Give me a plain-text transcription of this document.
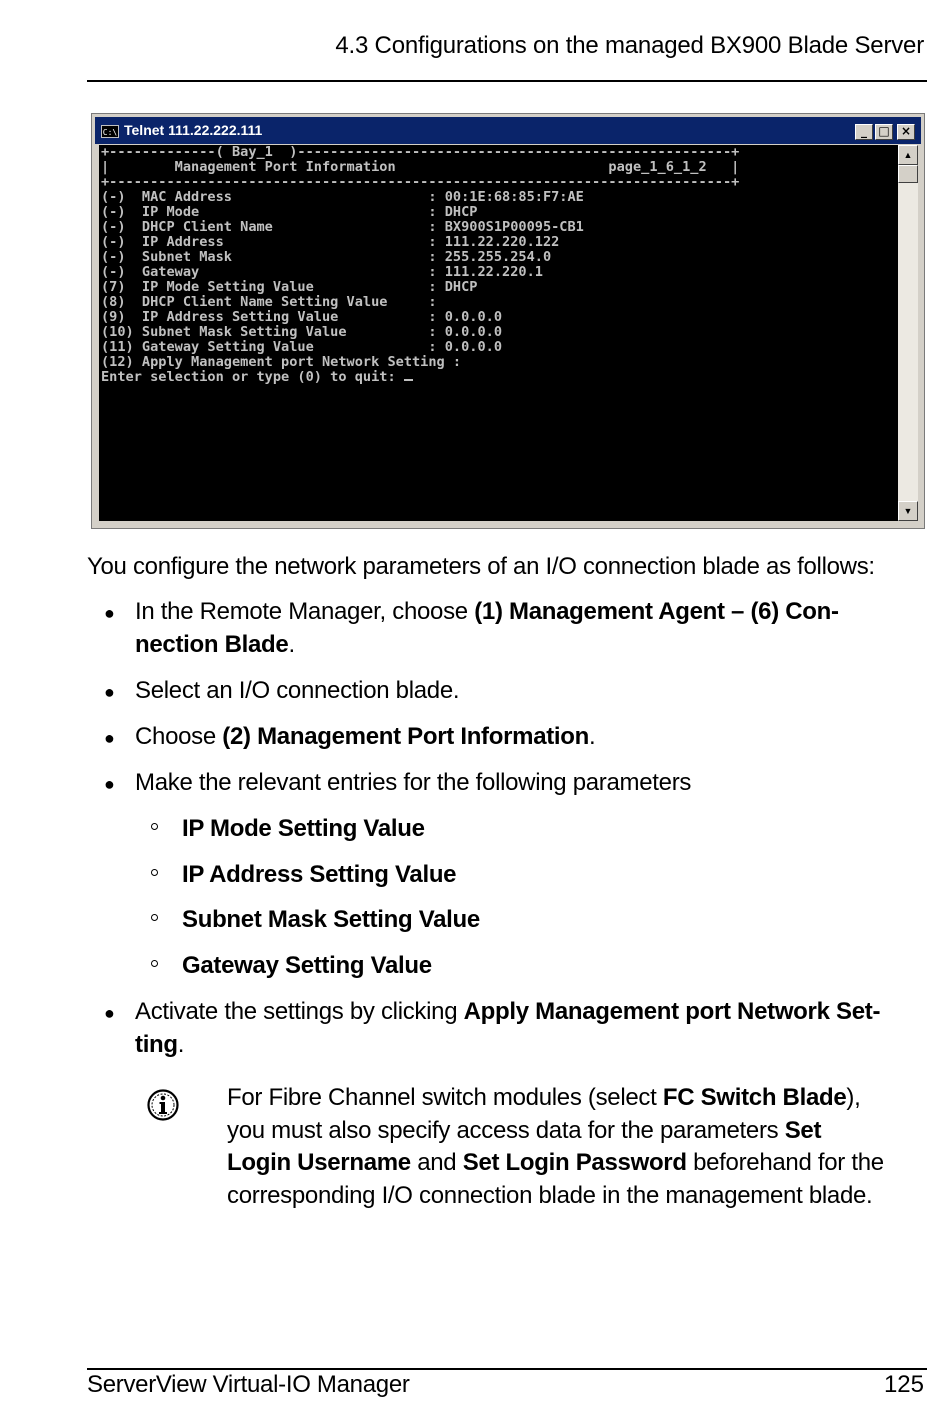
4.3 Configurations on the managed BX900 Blade Server
C:\ Telnet 111.22.222.111	_ □ ×
+-------------( Bay_1  )-----------------------------------------------------+
|        Management Port Information                          page_1_6_1_2   |
+----------------------------------------------------------------------------+
(-)  MAC Address                        : 00:1E:68:85:F7:AE
(-)  IP Mode                            : DHCP
(-)  DHCP Client Name                   : BX900S1P00095-CB1
(-)  IP Address                         : 111.22.220.122
(-)  Subnet Mask                        : 255.255.254.0
(-)  Gateway                            : 111.22.220.1
(7)  IP Mode Setting Value              : DHCP
(8)  DHCP Client Name Setting Value     :
(9)  IP Address Setting Value           : 0.0.0.0
(10) Subnet Mask Setting Value          : 0.0.0.0
(11) Gateway Setting Value              : 0.0.0.0
(12) Apply Management port Network Setting :
Enter selection or type (0) to quit:
▲
▼
You configure the network parameters of an I/O connection blade as follows:
● In the Remote Manager, choose (1) Management Agent – (6) Con-
nection Blade.
● Select an I/O connection blade.
● Choose (2) Management Port Information.
● Make the relevant entries for the following parameters
IP Mode Setting Value
IP Address Setting Value
Subnet Mask Setting Value
Gateway Setting Value
● Activate the settings by clicking Apply Management port Network Set-
ting.
For Fibre Channel switch modules (select FC Switch Blade),
you must also specify access data for the parameters Set
Login Username and Set Login Password beforehand for the
corresponding I/O connection blade in the management blade.
ServerView Virtual-IO Manager	125
